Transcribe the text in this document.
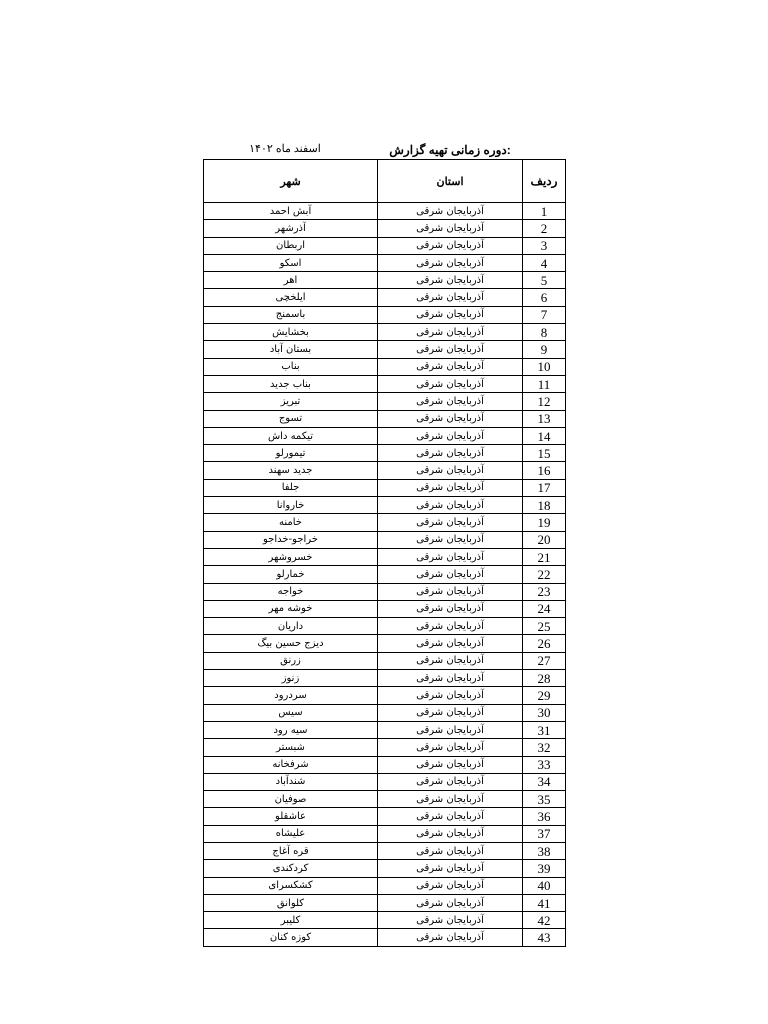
:دوره زمانی تهیه گزارش
اسفند ماه ۱۴۰۲
شهر	استان	ردیف
آبش احمد	آذربایجان شرقی	1
آذرشهر	آذربایجان شرقی	2
اربطان	آذربایجان شرقی	3
اسکو	آذربایجان شرقی	4
اهر	آذربایجان شرقی	5
ایلخچی	آذربایجان شرقی	6
باسمنج	آذربایجان شرقی	7
بخشایش	آذربایجان شرقی	8
بستان آباد	آذربایجان شرقی	9
بناب	آذربایجان شرقی	10
بناب جدید	آذربایجان شرقی	11
تبریز	آذربایجان شرقی	12
تسوج	آذربایجان شرقی	13
تیکمه داش	آذربایجان شرقی	14
تیمورلو	آذربایجان شرقی	15
جدید سهند	آذربایجان شرقی	16
جلفا	آذربایجان شرقی	17
خاروانا	آذربایجان شرقی	18
خامنه	آذربایجان شرقی	19
خراجو-خداجو	آذربایجان شرقی	20
خسروشهر	آذربایجان شرقی	21
خمارلو	آذربایجان شرقی	22
خواجه	آذربایجان شرقی	23
خوشه مهر	آذربایجان شرقی	24
داریان	آذربایجان شرقی	25
دیزج حسین بیگ	آذربایجان شرقی	26
زرنق	آذربایجان شرقی	27
زنوز	آذربایجان شرقی	28
سردرود	آذربایجان شرقی	29
سیس	آذربایجان شرقی	30
سیه رود	آذربایجان شرقی	31
شبستر	آذربایجان شرقی	32
شرفخانه	آذربایجان شرقی	33
شندآباد	آذربایجان شرقی	34
صوفیان	آذربایجان شرقی	35
عاشقلو	آذربایجان شرقی	36
علیشاه	آذربایجان شرقی	37
قره آغاج	آذربایجان شرقی	38
کردکندی	آذربایجان شرقی	39
کشکسرای	آذربایجان شرقی	40
کلوانق	آذربایجان شرقی	41
کلیبر	آذربایجان شرقی	42
کوزه کنان	آذربایجان شرقی	43
